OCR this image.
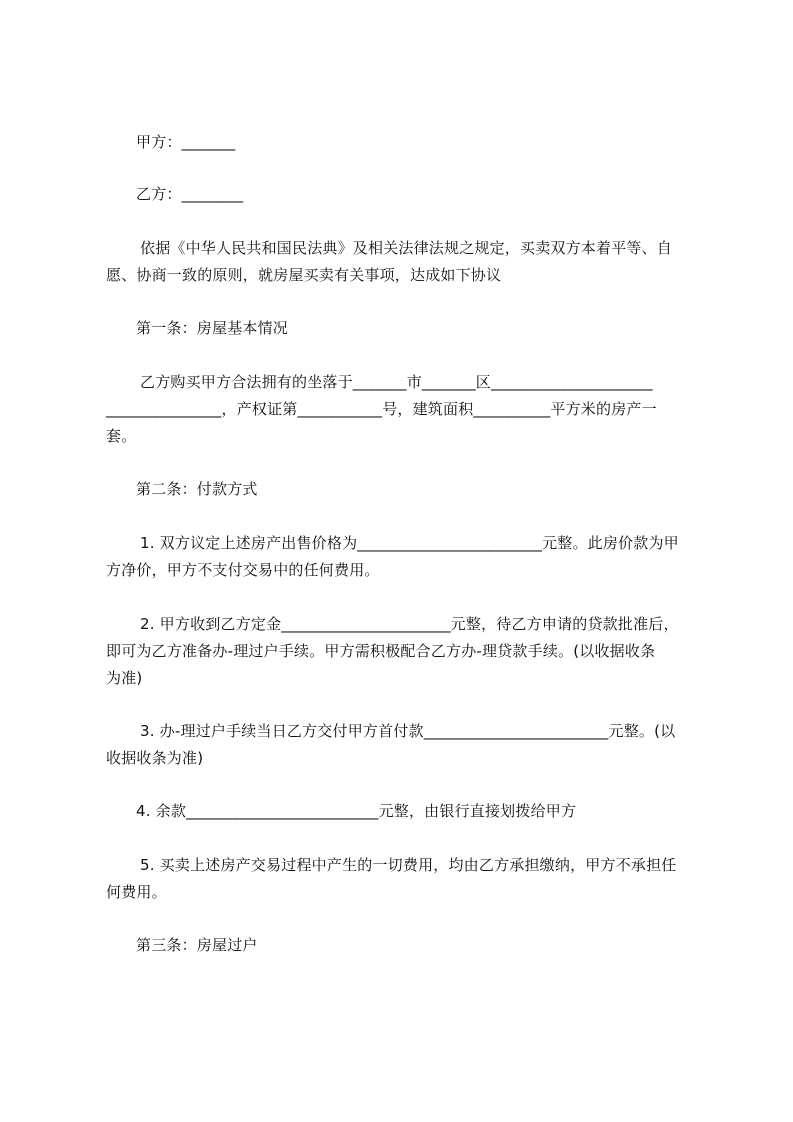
甲方：_______
乙方：________
依据《中华人民共和国民法典》及相关法律法规之规定，买卖双方本着平等、自
愿、协商一致的原则，就房屋买卖有关事项，达成如下协议
第一条：房屋基本情况
乙方购买甲方合法拥有的坐落于_______市_______区_____________________
_______________，产权证第___________号，建筑面积__________平方米的房产一
套。
第二条：付款方式
1. 双方议定上述房产出售价格为________________________元整。此房价款为甲
方净价，甲方不支付交易中的任何费用。
2. 甲方收到乙方定金______________________元整，待乙方申请的贷款批准后，
即可为乙方准备办-理过户手续。甲方需积极配合乙方办-理贷款手续。(以收据收条
为准)
3. 办-理过户手续当日乙方交付甲方首付款________________________元整。(以
收据收条为准)
4. 余款_________________________元整，由银行直接划拨给甲方
5. 买卖上述房产交易过程中产生的一切费用，均由乙方承担缴纳，甲方不承担任
何费用。
第三条：房屋过户
